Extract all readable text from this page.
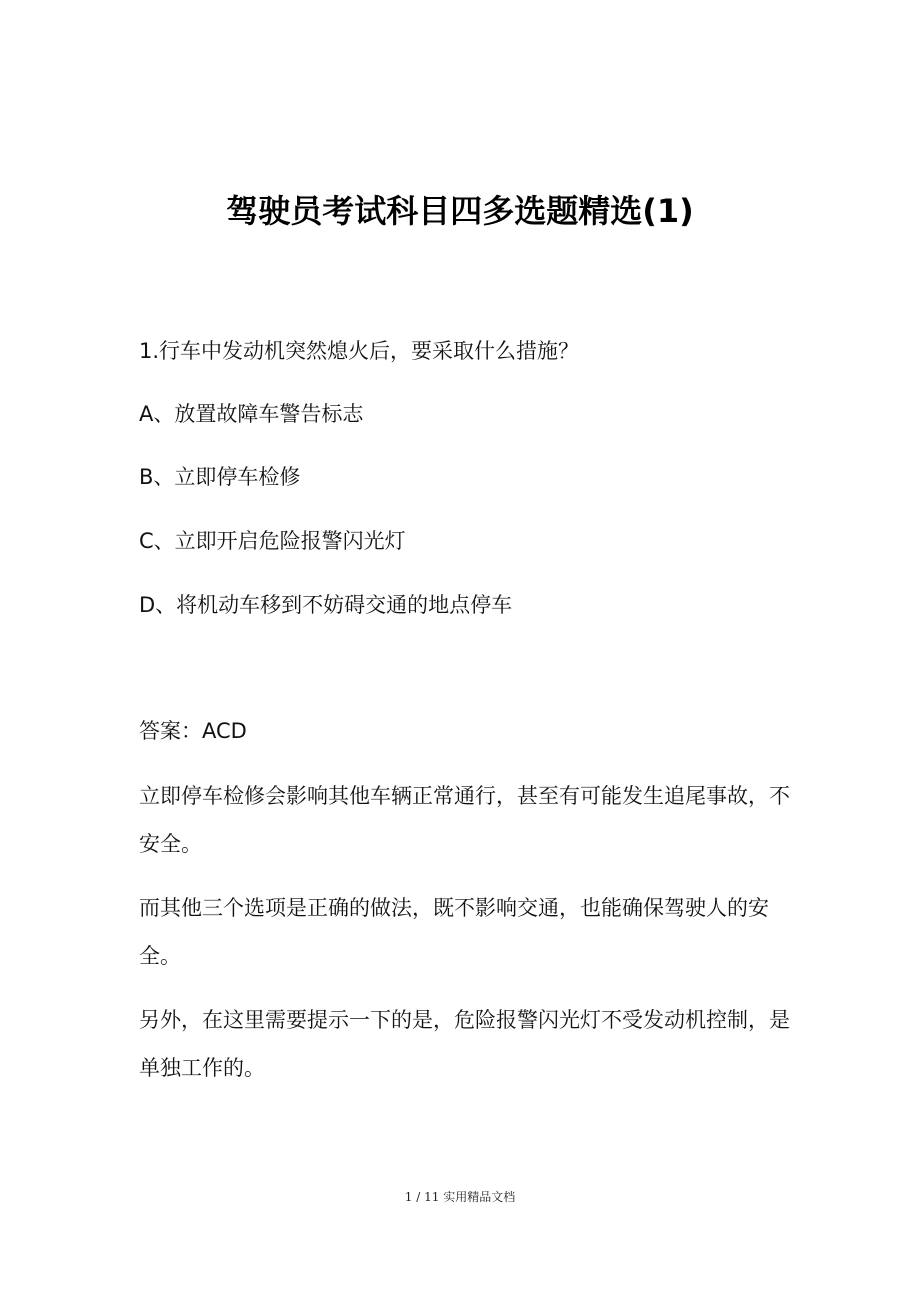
驾驶员考试科目四多选题精选(1)
1.行车中发动机突然熄火后，要采取什么措施？
A、放置故障车警告标志
B、立即停车检修
C、立即开启危险报警闪光灯
D、将机动车移到不妨碍交通的地点停车
答案：ACD
立即停车检修会影响其他车辆正常通行，甚至有可能发生追尾事故，不安全。
而其他三个选项是正确的做法，既不影响交通，也能确保驾驶人的安全。
另外，在这里需要提示一下的是，危险报警闪光灯不受发动机控制，是单独工作的。
1 / 11 实用精品文档
